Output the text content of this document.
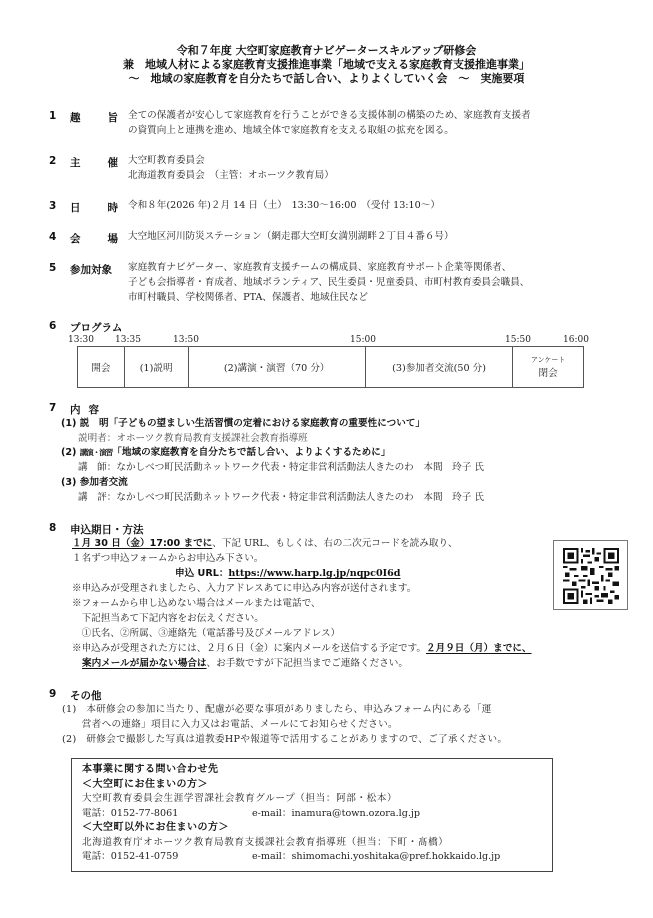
令和７年度 大空町家庭教育ナビゲータースキルアップ研修会
兼　地域人材による家庭教育支援推進事業「地域で支える家庭教育支援推進事業」
～　地域の家庭教育を自分たちで話し合い、よりよくしていく会　～　実施要項
1 趣	旨 全ての保護者が安心して家庭教育を行うことができる支援体制の構築のため、家庭教育支援者
の資質向上と連携を進め、地域全体で家庭教育を支える取組の拡充を図る。
2 主	催 大空町教育委員会
北海道教育委員会　（主管：オホーツク教育局）
3 日	時 令和８年(2026 年)２月 14 日（土）　13:30～16:00　（受付 13:10～）
4 会	場 大空地区河川防災ステーション（網走郡大空町女満別湖畔２丁目４番６号）
5 参加対象	家庭教育ナビゲーター、家庭教育支援チームの構成員、家庭教育サポート企業等関係者、
子ども会指導者・育成者、地域ボランティア、民生委員・児童委員、市町村教育委員会職員、
市町村職員、学校関係者、PTA、保護者、地域住民など
6 プログラム
13:30 13:35	13:50	15:00	15:50	16:00
開会	(1)説明	(2)講演・演習（70 分）	(3)参加者交流(50 分)
アンケート
閉会
7 内 容
(1) 説　明「子どもの望ましい生活習慣の定着における家庭教育の重要性について」
説明者：オホーツク教育局教育支援課社会教育指導班
(2) 講演・演習「地域の家庭教育を自分たちで話し合い、よりよくするために」
講　師：なかしべつ町民活動ネットワーク代表・特定非営利活動法人きたのわ　本間　玲子 氏
(3) 参加者交流
講　評：なかしべつ町民活動ネットワーク代表・特定非営利活動法人きたのわ　本間　玲子 氏
8 申込期日・方法
１月 30 日（金）17:00 までに、下記 URL、もしくは、右の二次元コードを読み取り、
１名ずつ申込フォームからお申込み下さい。
申込 URL：https://www.harp.lg.jp/nqpc0I6d
※申込みが受理されましたら、入力アドレスあてに申込み内容が送付されます。
※フォームから申し込めない場合はメールまたは電話で、
　下記担当あて下記内容をお伝えください。
　①氏名、②所属、③連絡先（電話番号及びメールアドレス）
※申込みが受理された方には、２月６日（金）に案内メールを送信する予定です。２月９日（月）までに、
案内メールが届かない場合は、お手数ですが下記担当までご連絡ください。
9 その他
(1)　本研修会の参加に当たり、配慮が必要な事項がありましたら、申込みフォーム内にある「運
　　営者への連絡」項目に入力又はお電話、メールにてお知らせください。
(2)　研修会で撮影した写真は道教委HPや報道等で活用することがありますので、ご了承ください。
本事業に関する問い合わせ先
＜大空町にお住まいの方＞
大空町教育委員会生涯学習課社会教育グループ（担当：阿部・松本）
電話：0152-77-8061	e-mail：inamura@town.ozora.lg.jp
＜大空町以外にお住まいの方＞
北海道教育庁オホーツク教育局教育支援課社会教育指導班（担当：下町・髙橋）
電話：0152-41-0759	e-mail：shimomachi.yoshitaka@pref.hokkaido.lg.jp
